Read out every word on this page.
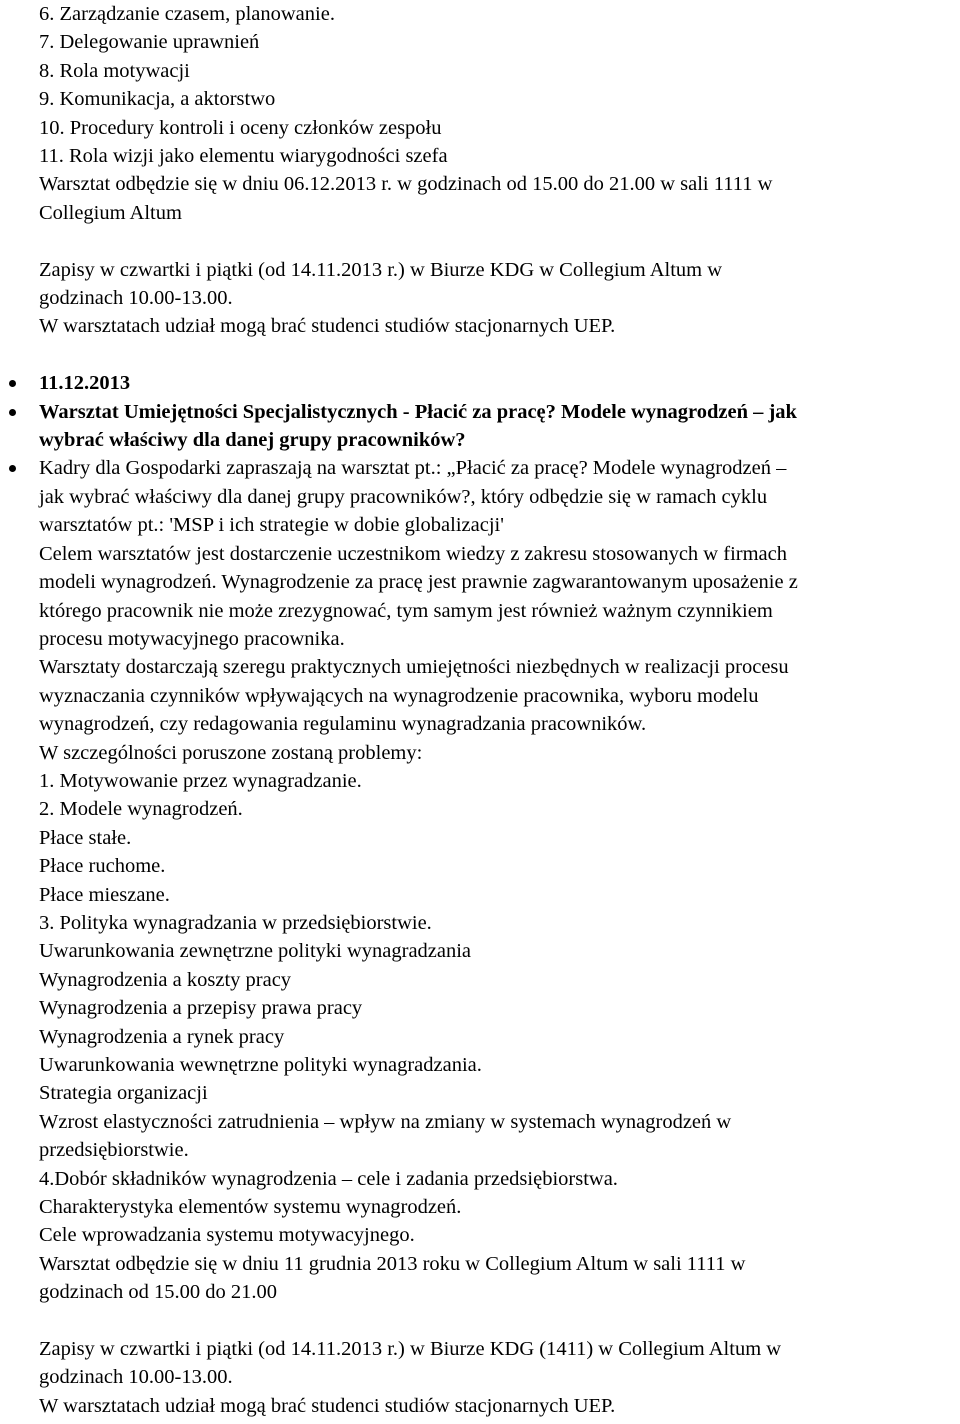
6. Zarządzanie czasem, planowanie.

7. Delegowanie uprawnień

8. Rola motywacji

9. Komunikacja, a aktorstwo

10. Procedury kontroli i oceny członków zespołu

11. Rola wizji jako elementu wiarygodności szefa

Warsztat odbędzie się w dniu 06.12.2013 r. w godzinach od 15.00 do 21.00 w sali 1111 w

Collegium Altum

Zapisy w czwartki i piątki (od 14.11.2013 r.) w Biurze KDG w Collegium Altum w

godzinach 10.00-13.00.

W warsztatach udział mogą brać studenci studiów stacjonarnych UEP.

11.12.2013

Warsztat Umiejętności Specjalistycznych - Płacić za pracę? Modele wynagrodzeń – jak

wybrać właściwy dla danej grupy pracowników?

Kadry dla Gospodarki zapraszają na warsztat pt.: „Płacić za pracę? Modele wynagrodzeń –

jak wybrać właściwy dla danej grupy pracowników?, który odbędzie się w ramach cyklu

warsztatów pt.: 'MSP i ich strategie w dobie globalizacji'

Celem warsztatów jest dostarczenie uczestnikom wiedzy z zakresu stosowanych w firmach

modeli wynagrodzeń. Wynagrodzenie za pracę jest prawnie zagwarantowanym uposażenie z

którego pracownik nie może zrezygnować, tym samym jest również ważnym czynnikiem

procesu motywacyjnego pracownika.

Warsztaty dostarczają szeregu praktycznych umiejętności niezbędnych w realizacji procesu

wyznaczania czynników wpływających na wynagrodzenie pracownika, wyboru modelu

wynagrodzeń, czy redagowania regulaminu wynagradzania pracowników.

W szczególności poruszone zostaną problemy:

1. Motywowanie przez wynagradzanie.

2. Modele wynagrodzeń.

Płace stałe.

Płace ruchome.

Płace mieszane.

3. Polityka wynagradzania w przedsiębiorstwie.

Uwarunkowania zewnętrzne polityki wynagradzania

Wynagrodzenia a koszty pracy

Wynagrodzenia a przepisy prawa pracy

Wynagrodzenia a rynek pracy

Uwarunkowania wewnętrzne polityki wynagradzania.

Strategia organizacji

Wzrost elastyczności zatrudnienia – wpływ na zmiany w systemach wynagrodzeń w

przedsiębiorstwie.

4.Dobór składników wynagrodzenia – cele i zadania przedsiębiorstwa.

Charakterystyka elementów systemu wynagrodzeń.

Cele wprowadzania systemu motywacyjnego.

Warsztat odbędzie się w dniu 11 grudnia 2013 roku w Collegium Altum w sali 1111 w

godzinach od 15.00 do 21.00

Zapisy w czwartki i piątki (od 14.11.2013 r.) w Biurze KDG (1411) w Collegium Altum w

godzinach 10.00-13.00.

W warsztatach udział mogą brać studenci studiów stacjonarnych UEP.
